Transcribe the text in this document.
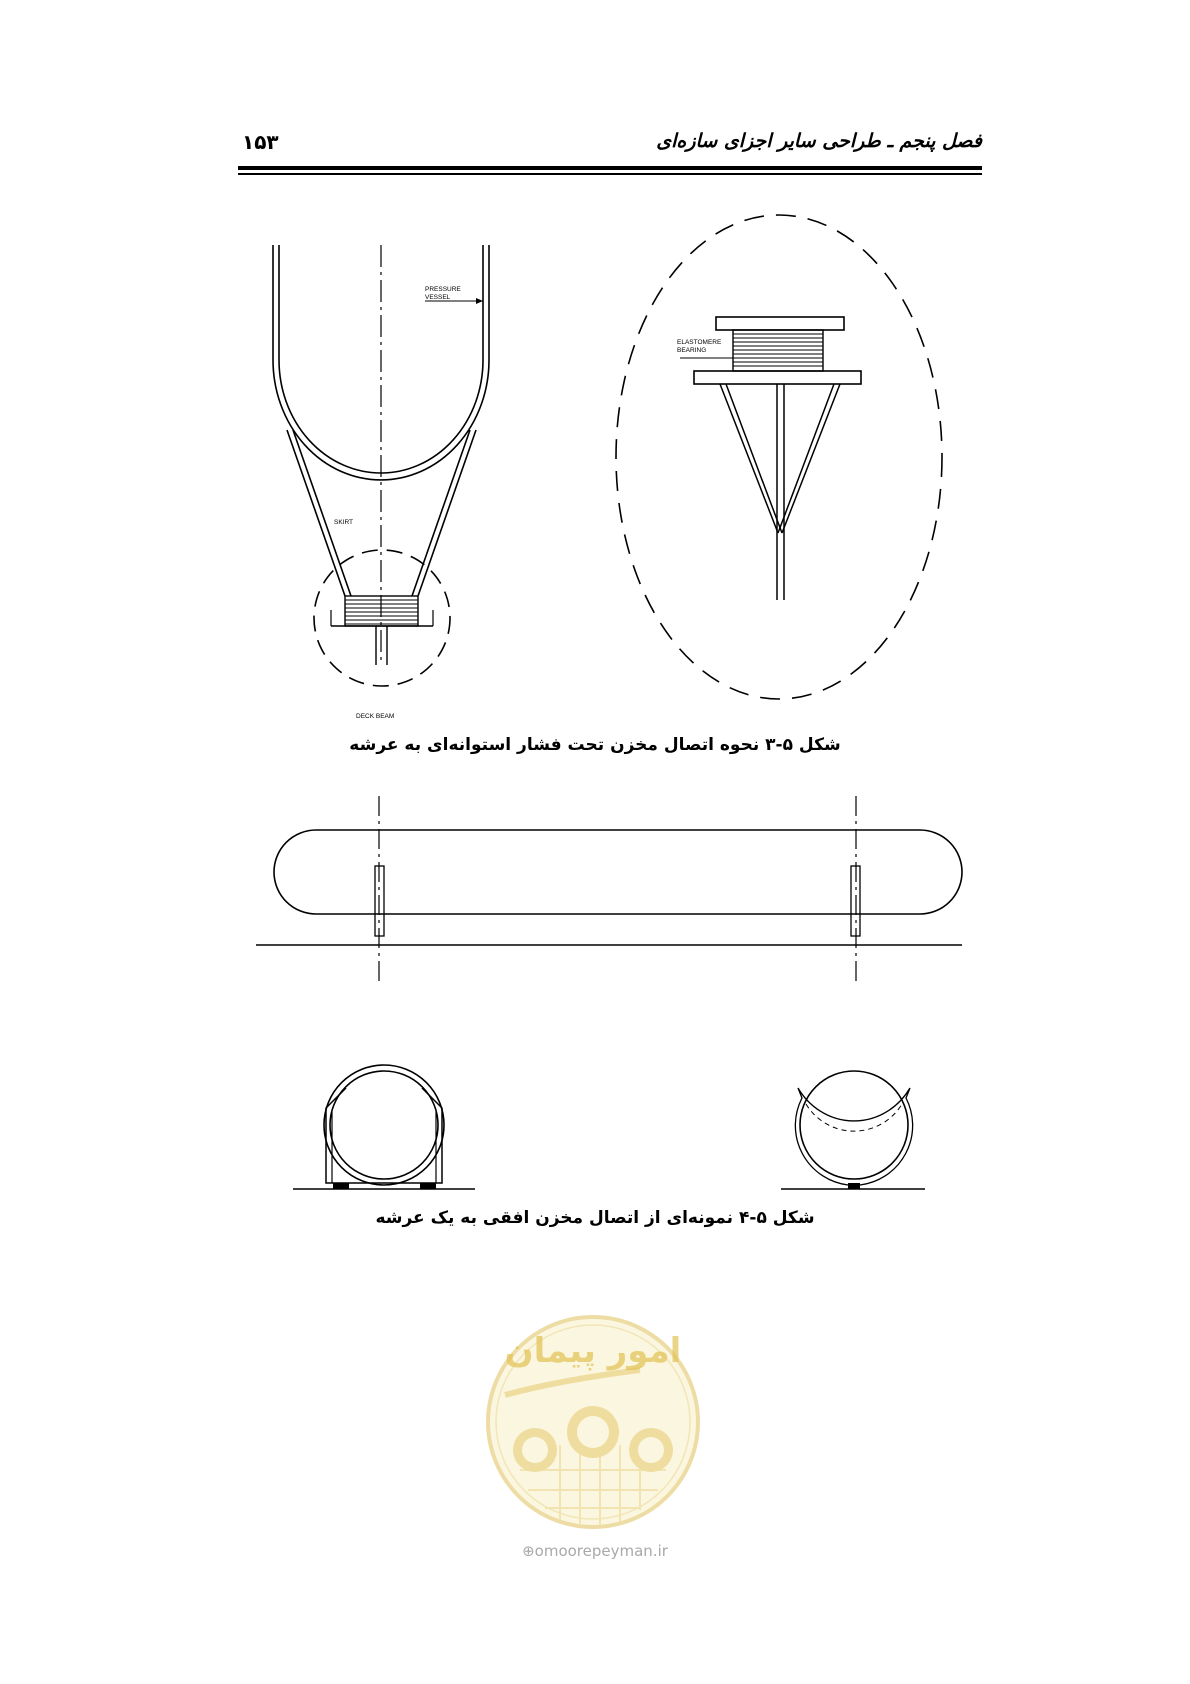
۱۵۳	فصل پنجم ـ طراحی سایر اجزای سازه‌ای
PRESSURE
VESSEL
SKIRT
DECK BEAM
ELASTOMERE
BEARING
شکل ۵-۳ نحوه اتصال مخزن تحت فشار استوانه‌ای به عرشه
شکل ۵-۴ نمونه‌ای از اتصال مخزن افقی به یک عرشه
امور پیمان
⊕omoorepeyman.ir
